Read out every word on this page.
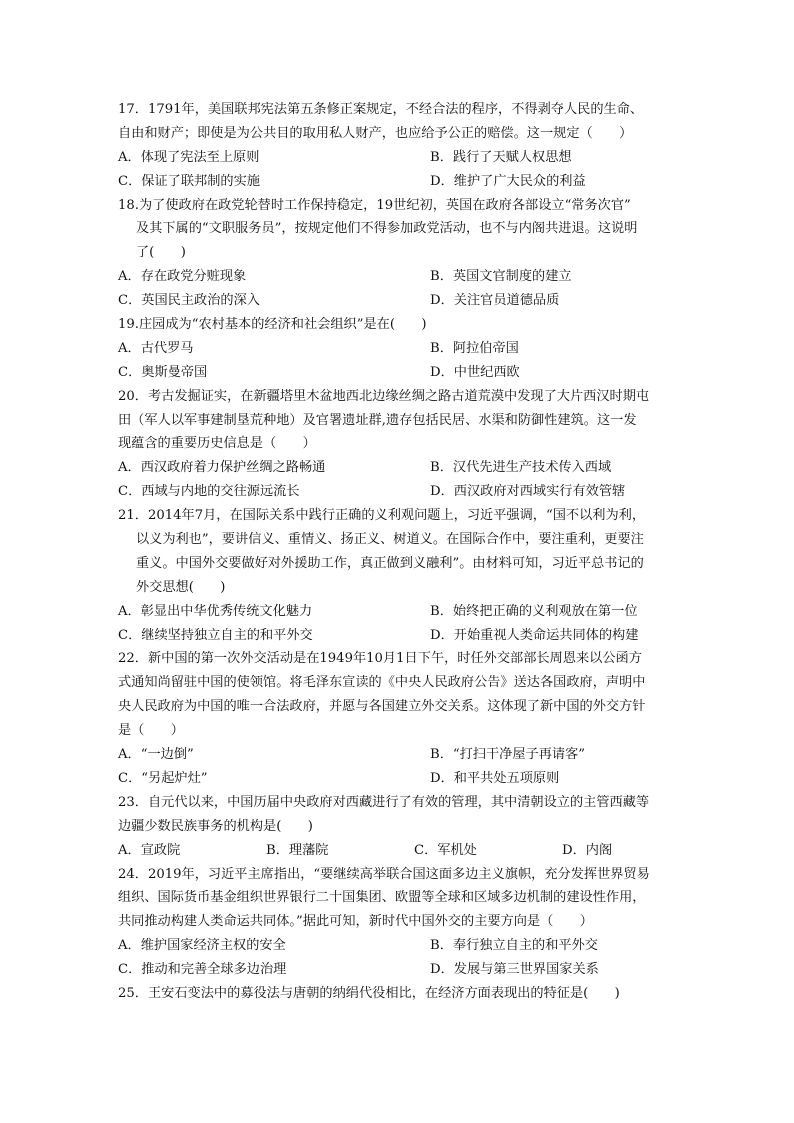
17．1791年，美国联邦宪法第五条修正案规定，不经合法的程序，不得剥夺人民的生命、
自由和财产；即使是为公共目的取用私人财产，也应给予公正的赔偿。这一规定（　　）
A．体现了宪法至上原则	B．践行了天赋人权思想
C．保证了联邦制的实施	D．维护了广大民众的利益
18.为了使政府在政党轮替时工作保持稳定，19世纪初，英国在政府各部设立“常务次官”
及其下属的“文职服务员”，按规定他们不得参加政党活动，也不与内阁共进退。这说明
了(　　)
A．存在政党分赃现象	B．英国文官制度的建立
C．英国民主政治的深入	D．关注官员道德品质
19.庄园成为“农村基本的经济和社会组织”是在(　　)
A．古代罗马	B．阿拉伯帝国
C．奥斯曼帝国	D．中世纪西欧
20．考古发掘证实，在新疆塔里木盆地西北边缘丝绸之路古道荒漠中发现了大片西汉时期屯
田（军人以军事建制垦荒种地）及官署遗址群,遗存包括民居、水渠和防御性建筑。这一发
现蕴含的重要历史信息是（　　）
A．西汉政府着力保护丝绸之路畅通	B．汉代先进生产技术传入西域
C．西域与内地的交往源远流长	D．西汉政府对西域实行有效管辖
21．2014年7月，在国际关系中践行正确的义利观问题上，习近平强调，“国不以利为利，
以义为利也”，要讲信义、重情义、扬正义、树道义。在国际合作中，要注重利，更要注
重义。中国外交要做好对外援助工作，真正做到义融利”。由材料可知，习近平总书记的
外交思想(　　)
A．彰显出中华优秀传统文化魅力	B．始终把正确的义利观放在第一位
C．继续坚持独立自主的和平外交	D．开始重视人类命运共同体的构建
22．新中国的第一次外交活动是在1949年10月1日下午，时任外交部部长周恩来以公函方
式通知尚留驻中国的使领馆。将毛泽东宣读的《中央人民政府公告》送达各国政府，声明中
央人民政府为中国的唯一合法政府，并愿与各国建立外交关系。这体现了新中国的外交方针
是（　　）
A．“一边倒”	B．“打扫干净屋子再请客”
C．“另起炉灶”	D．和平共处五项原则
23．自元代以来，中国历届中央政府对西藏进行了有效的管理，其中清朝设立的主管西藏等
边疆少数民族事务的机构是(　　)
A．宣政院	B．理藩院	C．军机处	D．内阁
24．2019年，习近平主席指出，“要继续高举联合国这面多边主义旗帜，充分发挥世界贸易
组织、国际货币基金组织世界银行二十国集团、欧盟等全球和区域多边机制的建设性作用，
共同推动构建人类命运共同体。”据此可知，新时代中国外交的主要方向是（　　）
A．维护国家经济主权的安全	B．奉行独立自主的和平外交
C．推动和完善全球多边治理	D．发展与第三世界国家关系
25．王安石变法中的募役法与唐朝的纳绢代役相比，在经济方面表现出的特征是(　　)
